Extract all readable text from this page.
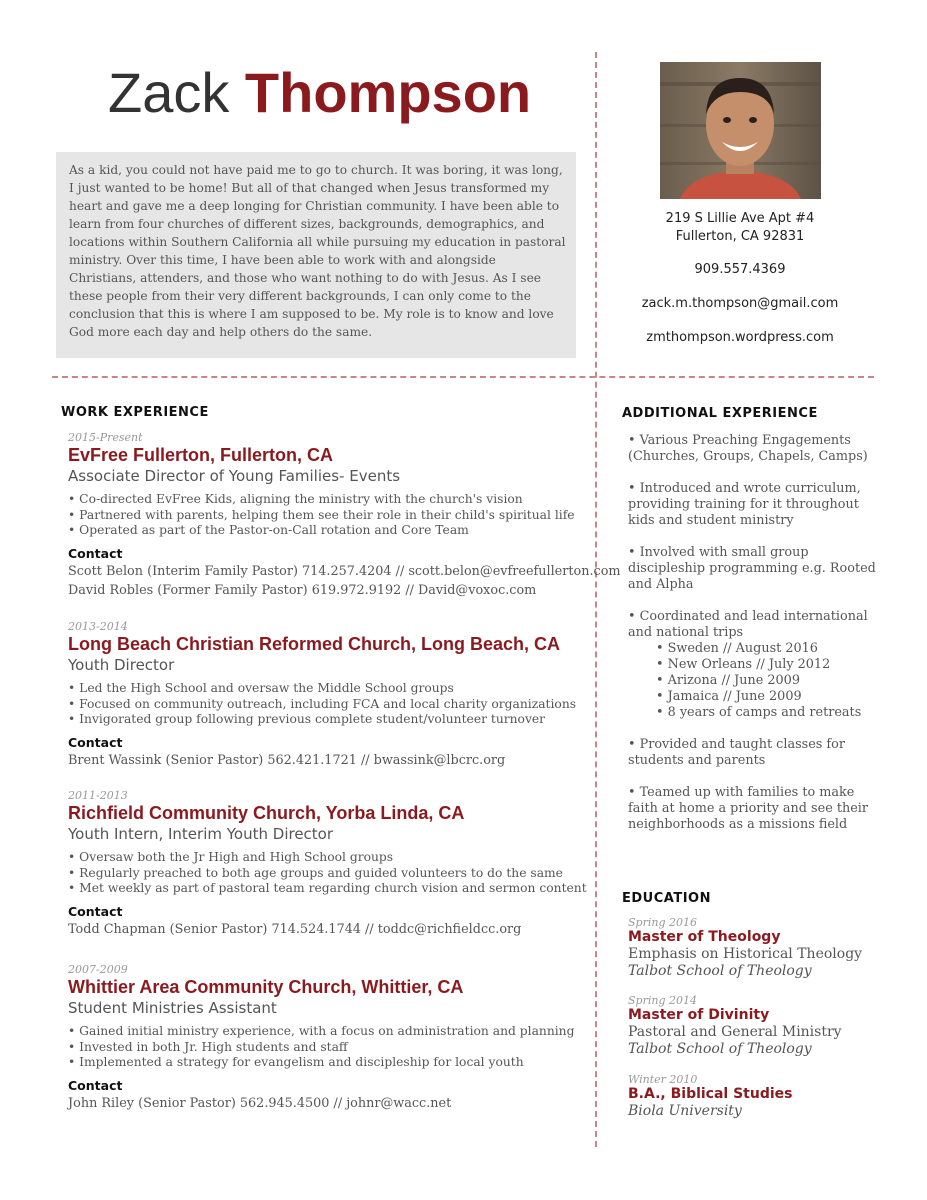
Zack Thompson
As a kid, you could not have paid me to go to church. It was boring, it was long, I just wanted to be home! But all of that changed when Jesus transformed my heart and gave me a deep longing for Christian community. I have been able to learn from four churches of different sizes, backgrounds, demographics, and locations within Southern California all while pursuing my education in pastoral ministry. Over this time, I have been able to work with and alongside Christians, attenders, and those who want nothing to do with Jesus. As I see these people from their very different backgrounds, I can only come to the conclusion that this is where I am supposed to be. My role is to know and love God more each day and help others do the same.
219 S Lillie Ave Apt #4
Fullerton, CA 92831
909.557.4369
zack.m.thompson@gmail.com
zmthompson.wordpress.com
WORK EXPERIENCE
2015-Present
EvFree Fullerton, Fullerton, CA
Associate Director of Young Families- Events
• Co-directed EvFree Kids, aligning the ministry with the church's vision
• Partnered with parents, helping them see their role in their child's spiritual life
• Operated as part of the Pastor-on-Call rotation and Core Team
Contact
Scott Belon (Interim Family Pastor) 714.257.4204 // scott.belon@evfreefullerton.com
David Robles (Former Family Pastor) 619.972.9192 // David@voxoc.com
2013-2014
Long Beach Christian Reformed Church, Long Beach, CA
Youth Director
• Led the High School and oversaw the Middle School groups
• Focused on community outreach, including FCA and local charity organizations
• Invigorated group following previous complete student/volunteer turnover
Contact
Brent Wassink (Senior Pastor) 562.421.1721 // bwassink@lbcrc.org
2011-2013
Richfield Community Church, Yorba Linda, CA
Youth Intern, Interim Youth Director
• Oversaw both the Jr High and High School groups
• Regularly preached to both age groups and guided volunteers to do the same
• Met weekly as part of pastoral team regarding church vision and sermon content
Contact
Todd Chapman (Senior Pastor) 714.524.1744 // toddc@richfieldcc.org
2007-2009
Whittier Area Community Church, Whittier, CA
Student Ministries Assistant
• Gained initial ministry experience, with a focus on administration and planning
• Invested in both Jr. High students and staff
• Implemented a strategy for evangelism and discipleship for local youth
Contact
John Riley (Senior Pastor) 562.945.4500 // johnr@wacc.net
ADDITIONAL EXPERIENCE
• Various Preaching Engagements (Churches, Groups, Chapels, Camps)
• Introduced and wrote curriculum, providing training for it throughout kids and student ministry
• Involved with small group discipleship programming e.g. Rooted and Alpha
• Coordinated and lead international and national trips
• Sweden // August 2016
• New Orleans // July 2012
• Arizona // June 2009
• Jamaica // June 2009
• 8 years of camps and retreats
• Provided and taught classes for students and parents
• Teamed up with families to make faith at home a priority and see their neighborhoods as a missions field
EDUCATION
Spring 2016
Master of Theology
Emphasis on Historical Theology
Talbot School of Theology
Spring 2014
Master of Divinity
Pastoral and General Ministry
Talbot School of Theology
Winter 2010
B.A., Biblical Studies
Biola University
